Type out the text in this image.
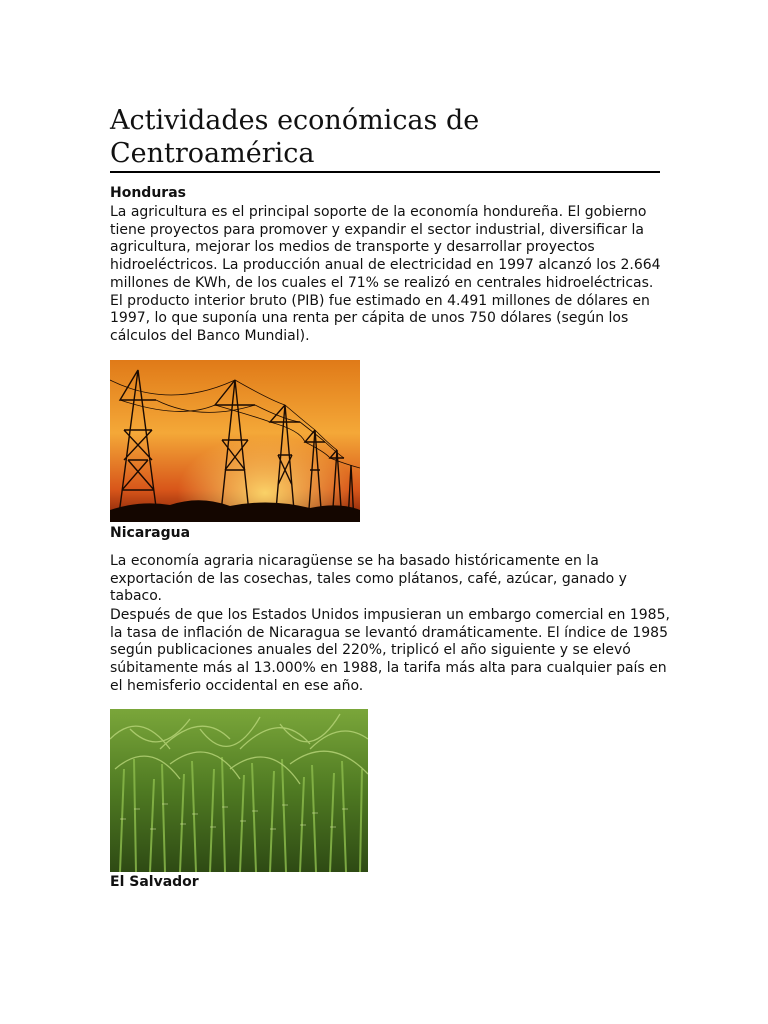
Actividades económicas de Centroamérica
Honduras

La agricultura es el principal soporte de la economía hondureña. El gobierno tiene proyectos para promover y expandir el sector industrial, diversificar la agricultura, mejorar los medios de transporte y desarrollar proyectos hidroeléctricos. La producción anual de electricidad en 1997 alcanzó los 2.664 millones de KWh, de los cuales el 71% se realizó en centrales hidroeléctricas. El producto interior bruto (PIB) fue estimado en 4.491 millones de dólares en 1997, lo que suponía una renta per cápita de unos 750 dólares (según los cálculos del Banco Mundial).

Nicaragua

La economía agraria nicaragüense se ha basado históricamente en la exportación de las cosechas, tales como plátanos, café, azúcar, ganado y tabaco.

Después de que los Estados Unidos impusieran un embargo comercial en 1985, la tasa de inflación de Nicaragua se levantó dramáticamente. El índice de 1985 según publicaciones anuales del 220%, triplicó el año siguiente y se elevó súbitamente más al 13.000% en 1988, la tarifa más alta para cualquier país en el hemisferio occidental en ese año.

El Salvador
